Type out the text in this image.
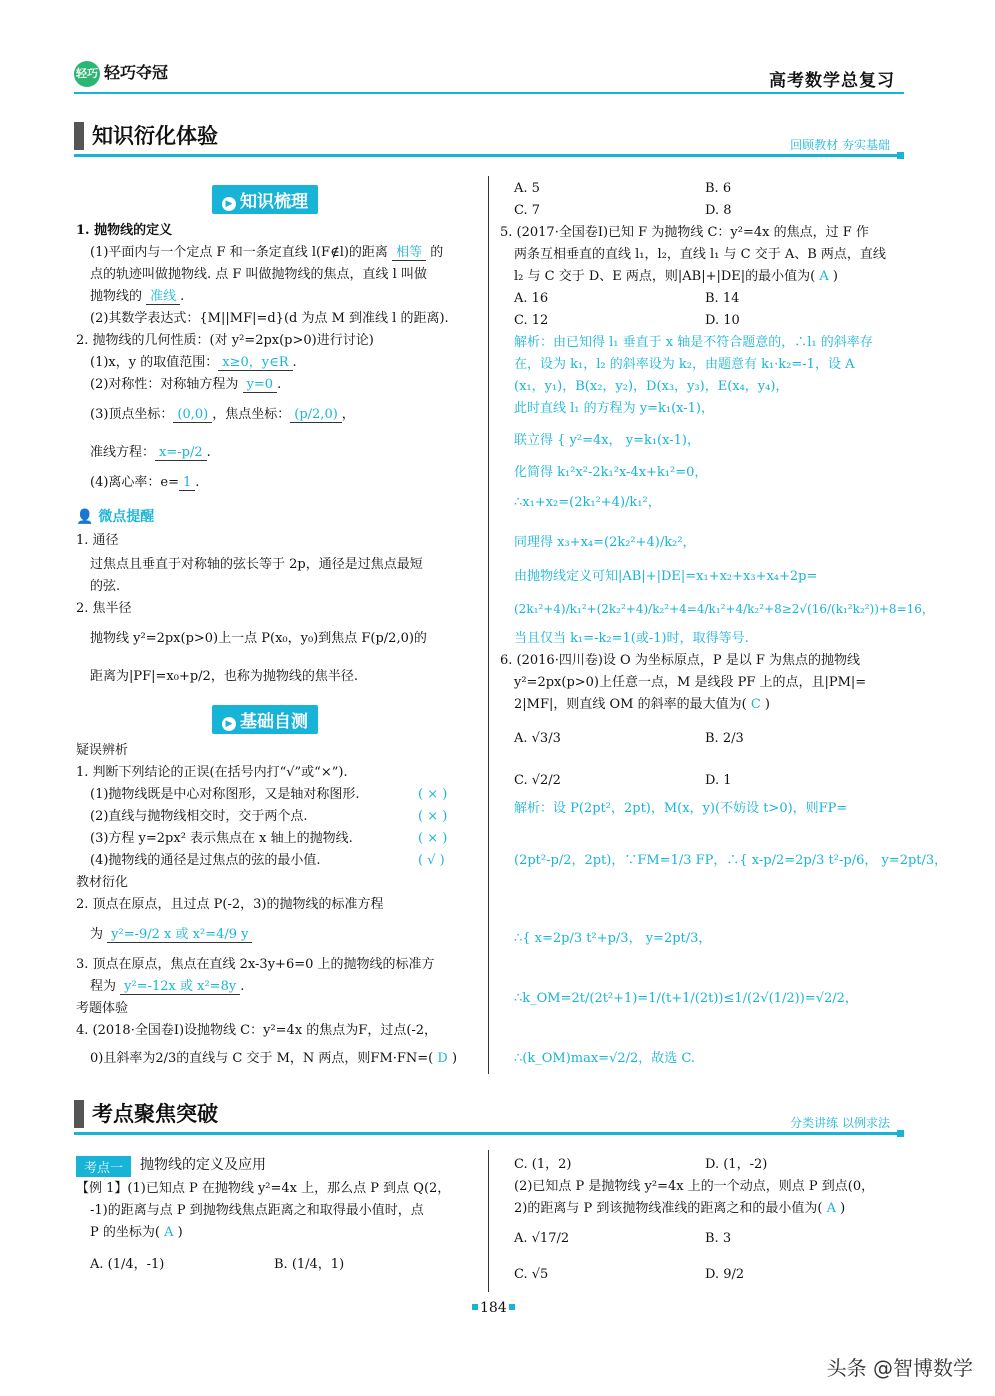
轻巧 轻巧夺冠	高考数学总复习
知识衍化体验	回顾教材 夯实基础
▶ 知识梳理
1. 抛物线的定义
(1)平面内与一个定点 F 和一条定直线 l(F∉l)的距离 相等 的
点的轨迹叫做抛物线. 点 F 叫做抛物线的焦点，直线 l 叫做
抛物线的 准线 .
(2)其数学表达式：{M||MF|=d}(d 为点 M 到准线 l 的距离).
2. 抛物线的几何性质：(对 y²=2px(p>0)进行讨论)
(1)x，y 的取值范围： x≥0，y∈R .
(2)对称性：对称轴方程为 y=0 .
(3)顶点坐标： (0,0) ，焦点坐标： (p/2,0) ，
准线方程： x=-p/2 .
(4)离心率：e= 1 .
👤 微点提醒
1. 通径
过焦点且垂直于对称轴的弦长等于 2p，通径是过焦点最短
的弦.
2. 焦半径
抛物线 y²=2px(p>0)上一点 P(x₀，y₀)到焦点 F(p/2,0)的
距离为|PF|=x₀+p/2，也称为抛物线的焦半径.
▶ 基础自测
疑误辨析
1. 判断下列结论的正误(在括号内打“√”或“×”).
(1)抛物线既是中心对称图形，又是轴对称图形.	( × )
(2)直线与抛物线相交时，交于两个点.	( × )
(3)方程 y=2px² 表示焦点在 x 轴上的抛物线.	( × )
(4)抛物线的通径是过焦点的弦的最小值.	( √ )
教材衍化
2. 顶点在原点，且过点 P(-2，3)的抛物线的标准方程
为 y²=-9/2 x 或 x²=4/9 y
3. 顶点在原点，焦点在直线 2x-3y+6=0 上的抛物线的标准方
程为 y²=-12x 或 x²=8y .
考题体验
4. (2018·全国卷Ⅰ)设抛物线 C：y²=4x 的焦点为F，过点(-2，
0)且斜率为2/3的直线与 C 交于 M，N 两点，则FM·FN=( D )
A. 5	B. 6
C. 7	D. 8
5. (2017·全国卷Ⅰ)已知 F 为抛物线 C：y²=4x 的焦点，过 F 作
两条互相垂直的直线 l₁，l₂，直线 l₁ 与 C 交于 A、B 两点，直线
l₂ 与 C 交于 D、E 两点，则|AB|+|DE|的最小值为( A )
A. 16	B. 14
C. 12	D. 10
解析：由已知得 l₁ 垂直于 x 轴是不符合题意的，∴l₁ 的斜率存
在，设为 k₁，l₂ 的斜率设为 k₂，由题意有 k₁·k₂=-1，设 A
(x₁，y₁)，B(x₂，y₂)，D(x₃，y₃)，E(x₄，y₄)，
此时直线 l₁ 的方程为 y=k₁(x-1)，
联立得 { y²=4x， y=k₁(x-1)，
化简得 k₁²x²-2k₁²x-4x+k₁²=0，
∴x₁+x₂=(2k₁²+4)/k₁²，
同理得 x₃+x₄=(2k₂²+4)/k₂²，
由抛物线定义可知|AB|+|DE|=x₁+x₂+x₃+x₄+2p=
(2k₁²+4)/k₁²+(2k₂²+4)/k₂²+4=4/k₁²+4/k₂²+8≥2√(16/(k₁²k₂²))+8=16，
当且仅当 k₁=-k₂=1(或-1)时，取得等号.
6. (2016·四川卷)设 O 为坐标原点，P 是以 F 为焦点的抛物线
y²=2px(p>0)上任意一点，M 是线段 PF 上的点，且|PM|=
2|MF|，则直线 OM 的斜率的最大值为( C )
A. √3/3	B. 2/3
C. √2/2	D. 1
解析：设 P(2pt²，2pt)，M(x，y)(不妨设 t>0)，则FP=
(2pt²-p/2，2pt)，∵FM=1/3 FP，∴{ x-p/2=2p/3 t²-p/6， y=2pt/3，
∴{ x=2p/3 t²+p/3， y=2pt/3，
∴k_OM=2t/(2t²+1)=1/(t+1/(2t))≤1/(2√(1/2))=√2/2，
∴(k_OM)max=√2/2，故选 C.
考点聚焦突破	分类讲练 以例求法
考点一	抛物线的定义及应用
【例 1】(1)已知点 P 在抛物线 y²=4x 上，那么点 P 到点 Q(2，
-1)的距离与点 P 到抛物线焦点距离之和取得最小值时，点
P 的坐标为( A )
A. (1/4，-1)	B. (1/4，1)
C. (1，2)	D. (1，-2)
(2)已知点 P 是抛物线 y²=4x 上的一个动点，则点 P 到点(0，
2)的距离与 P 到该抛物线准线的距离之和的最小值为( A )
A. √17/2	B. 3
C. √5	D. 9/2
184
头条 @智博数学
